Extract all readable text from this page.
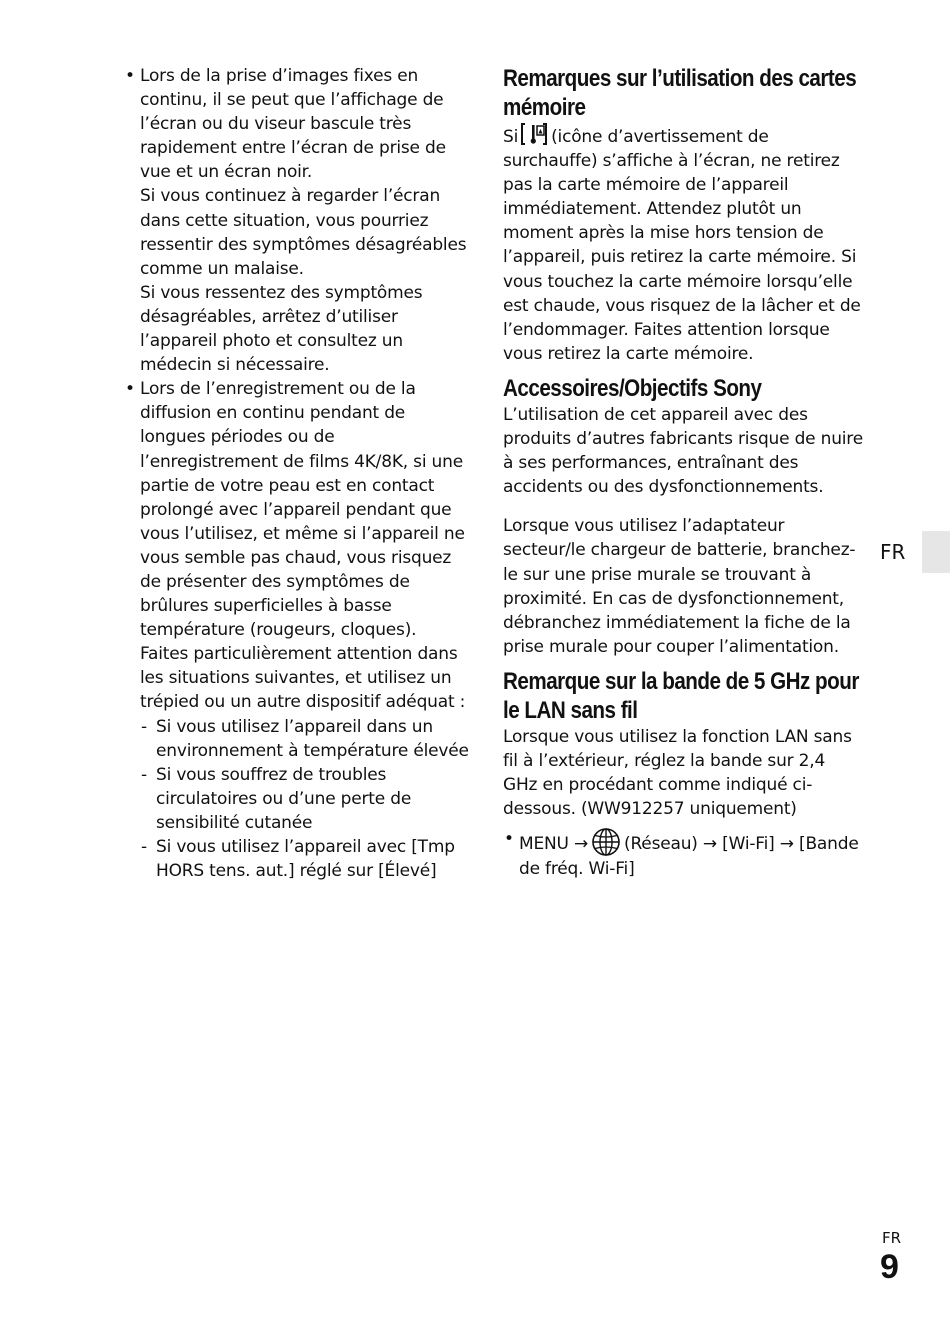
• Lors de la prise d’images fixes en continu, il se peut que l’affichage de l’écran ou du viseur bascule très rapidement entre l’écran de prise de vue et un écran noir.

Si vous continuez à regarder l’écran dans cette situation, vous pourriez ressentir des symptômes désagréables comme un malaise.

Si vous ressentez des symptômes désagréables, arrêtez d’utiliser l’appareil photo et consultez un médecin si nécessaire.

• Lors de l’enregistrement ou de la diffusion en continu pendant de longues périodes ou de l’enregistrement de films 4K/8K, si une partie de votre peau est en contact prolongé avec l’appareil pendant que vous l’utilisez, et même si l’appareil ne vous semble pas chaud, vous risquez de présenter des symptômes de brûlures superficielles à basse température (rougeurs, cloques).

Faites particulièrement attention dans les situations suivantes, et utilisez un trépied ou un autre dispositif adéquat :

- Si vous utilisez l’appareil dans un environnement à température élevée

- Si vous souffrez de troubles circulatoires ou d’une perte de sensibilité cutanée

- Si vous utilisez l’appareil avec [Tmp HORS tens. aut.] réglé sur [Élevé]

Remarques sur l’utilisation des cartes mémoire

Si (icône d’avertissement de surchauffe) s’affiche à l’écran, ne retirez pas la carte mémoire de l’appareil immédiatement. Attendez plutôt un moment après la mise hors tension de l’appareil, puis retirez la carte mémoire. Si vous touchez la carte mémoire lorsqu’elle est chaude, vous risquez de la lâcher et de l’endommager. Faites attention lorsque vous retirez la carte mémoire.

Accessoires/Objectifs Sony

L’utilisation de cet appareil avec des produits d’autres fabricants risque de nuire à ses performances, entraînant des accidents ou des dysfonctionnements.

Lorsque vous utilisez l’adaptateur secteur/le chargeur de batterie, branchez-le sur une prise murale se trouvant à proximité. En cas de dysfonctionnement, débranchez immédiatement la fiche de la prise murale pour couper l’alimentation.

Remarque sur la bande de 5 GHz pour le LAN sans fil

Lorsque vous utilisez la fonction LAN sans fil à l’extérieur, réglez la bande sur 2,4 GHz en procédant comme indiqué ci-dessous. (WW912257 uniquement)

• MENU → (Réseau) → [Wi-Fi] → [Bande de fréq. Wi-Fi]

FR
FR
9
